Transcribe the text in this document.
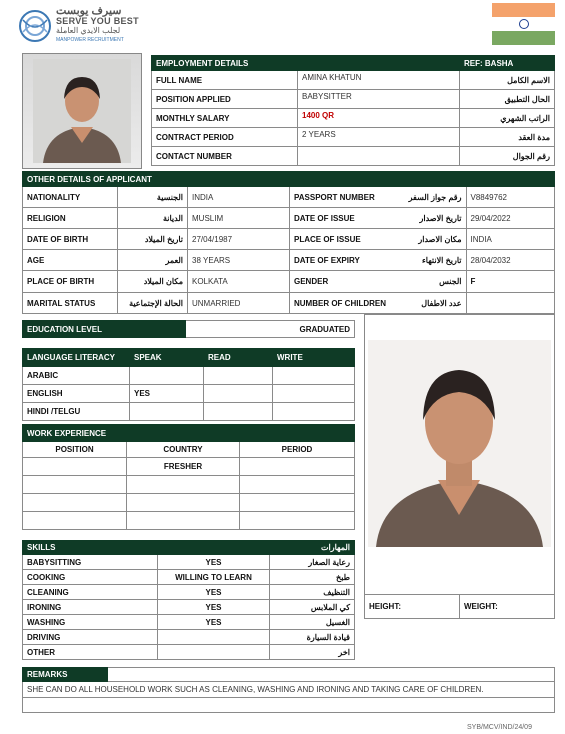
سيرف يوبست
SERVE YOU BEST
لجلب الايدي العاملة
MANPOWER RECRUITMENT
EMPLOYMENT DETAILS		REF: BASHA
FULL NAME	AMINA KHATUN	الاسم الكامل
POSITION APPLIED	BABYSITTER	الحال التطبيق
MONTHLY SALARY	1400 QR	الراتب الشهري
CONTRACT PERIOD	2 YEARS	مدة العقد
CONTACT NUMBER		رقم الجوال
OTHER DETAILS OF APPLICANT					
NATIONALITY	الجنسية	INDIA	PASSPORT NUMBER	رقم جواز السفر	V8849762
RELIGION	الديانة	MUSLIM	DATE OF ISSUE	تاريخ الاصدار	29/04/2022
DATE OF BIRTH	تاريخ الميلاد	27/04/1987	PLACE OF ISSUE	مكان الاصدار	INDIA
AGE	العمر	38 YEARS	DATE OF EXPIRY	تاريخ الانتهاء	28/04/2032
PLACE OF BIRTH	مكان الميلاد	KOLKATA	GENDER	الجنس	F
MARITAL STATUS	الحالة الإجتماعية	UNMARRIED	NUMBER OF CHILDREN	عدد الاطفال	
EDUCATION LEVEL	GRADUATED
LANGUAGE LITERACY	SPEAK	READ	WRITE
ARABIC			
ENGLISH	YES		
HINDI /TELGU			
WORK EXPERIENCE		
POSITION	COUNTRY	PERIOD
	FRESHER	

SKILLS		المهارات
BABYSITTING	YES	رعاية الصغار
COOKING	WILLING TO LEARN	طبخ
CLEANING	YES	التنظيف
IRONING	YES	كي الملابس
WASHING	YES	الغسيل
DRIVING		قيادة السيارة
OTHER		اخر
HEIGHT:	WEIGHT:
REMARKS	
SHE CAN DO ALL HOUSEHOLD WORK SUCH AS CLEANING, WASHING AND IRONING AND TAKING CARE OF CHILDREN.

SYB/MCV/IND/24/09
